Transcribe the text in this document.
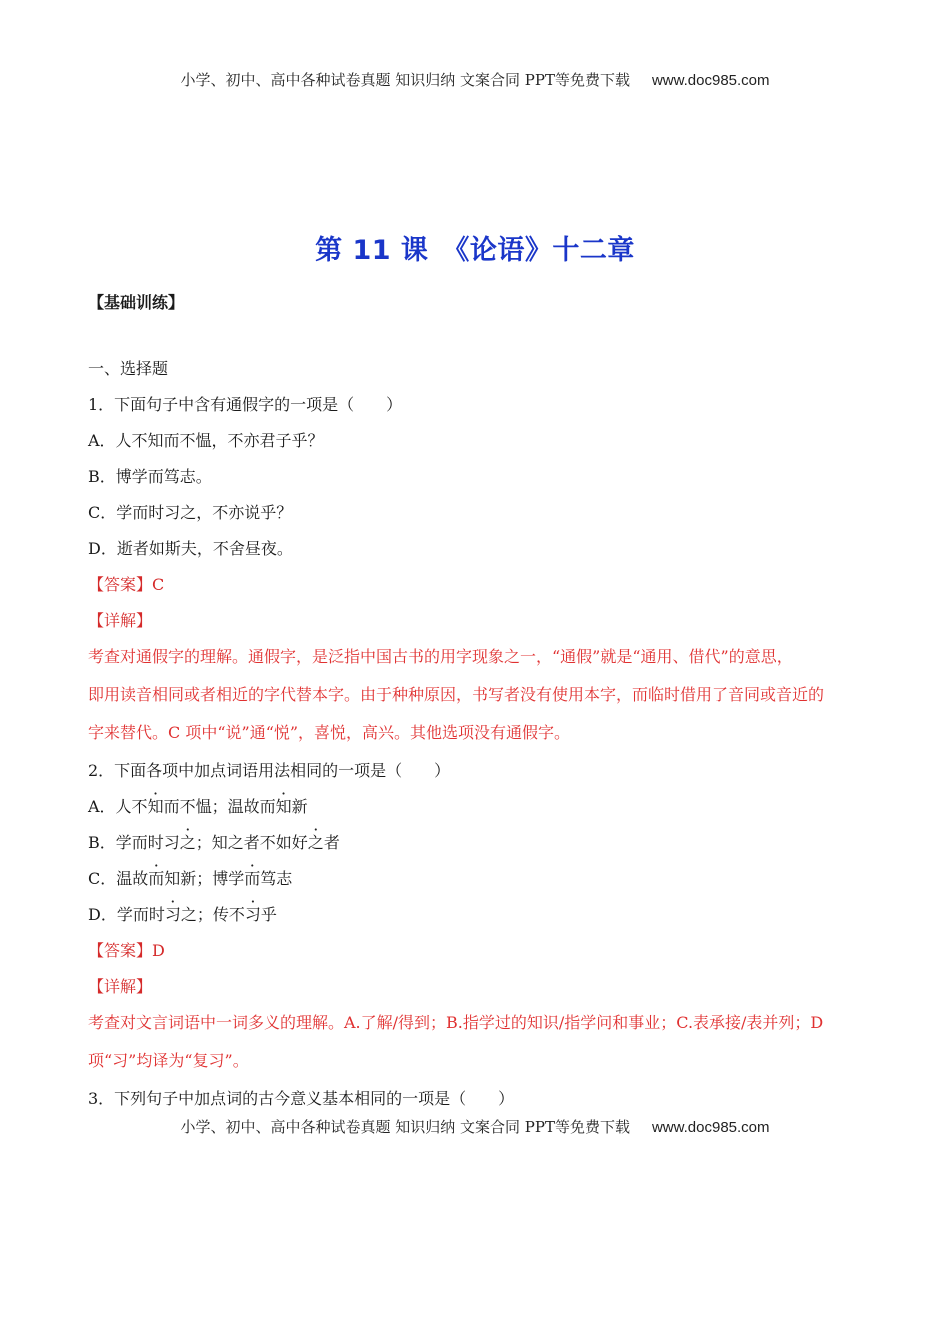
小学、初中、高中各种试卷真题 知识归纳 文案合同 PPT等免费下载 www.doc985.com
第 11 课　《论语》十二章
【基础训练】
一、选择题
1．下面句子中含有通假字的一项是（　　）
A．人不知而不愠，不亦君子乎？
B．博学而笃志。
C．学而时习之，不亦说乎？
D．逝者如斯夫，不舍昼夜。
【答案】C
【详解】
考查对通假字的理解。通假字，是泛指中国古书的用字现象之一，“通假”就是“通用、借代”的意思，
即用读音相同或者相近的字代替本字。由于种种原因，书写者没有使用本字，而临时借用了音同或音近的
字来替代。C 项中“说”通“悦”，喜悦，高兴。其他选项没有通假字。
2．下面各项中加点词语用法相同的一项是（　　）
A．人不知而不愠；温故而知新
B．学而时习之；知之者不如好之者
C．温故而知新；博学而笃志
D．学而时习之；传不习乎
【答案】D
【详解】
考查对文言词语中一词多义的理解。A.了解/得到；B.指学过的知识/指学问和事业；C.表承接/表并列；D
项“习”均译为“复习”。
3．下列句子中加点词的古今意义基本相同的一项是（　　）
小学、初中、高中各种试卷真题 知识归纳 文案合同 PPT等免费下载 www.doc985.com
